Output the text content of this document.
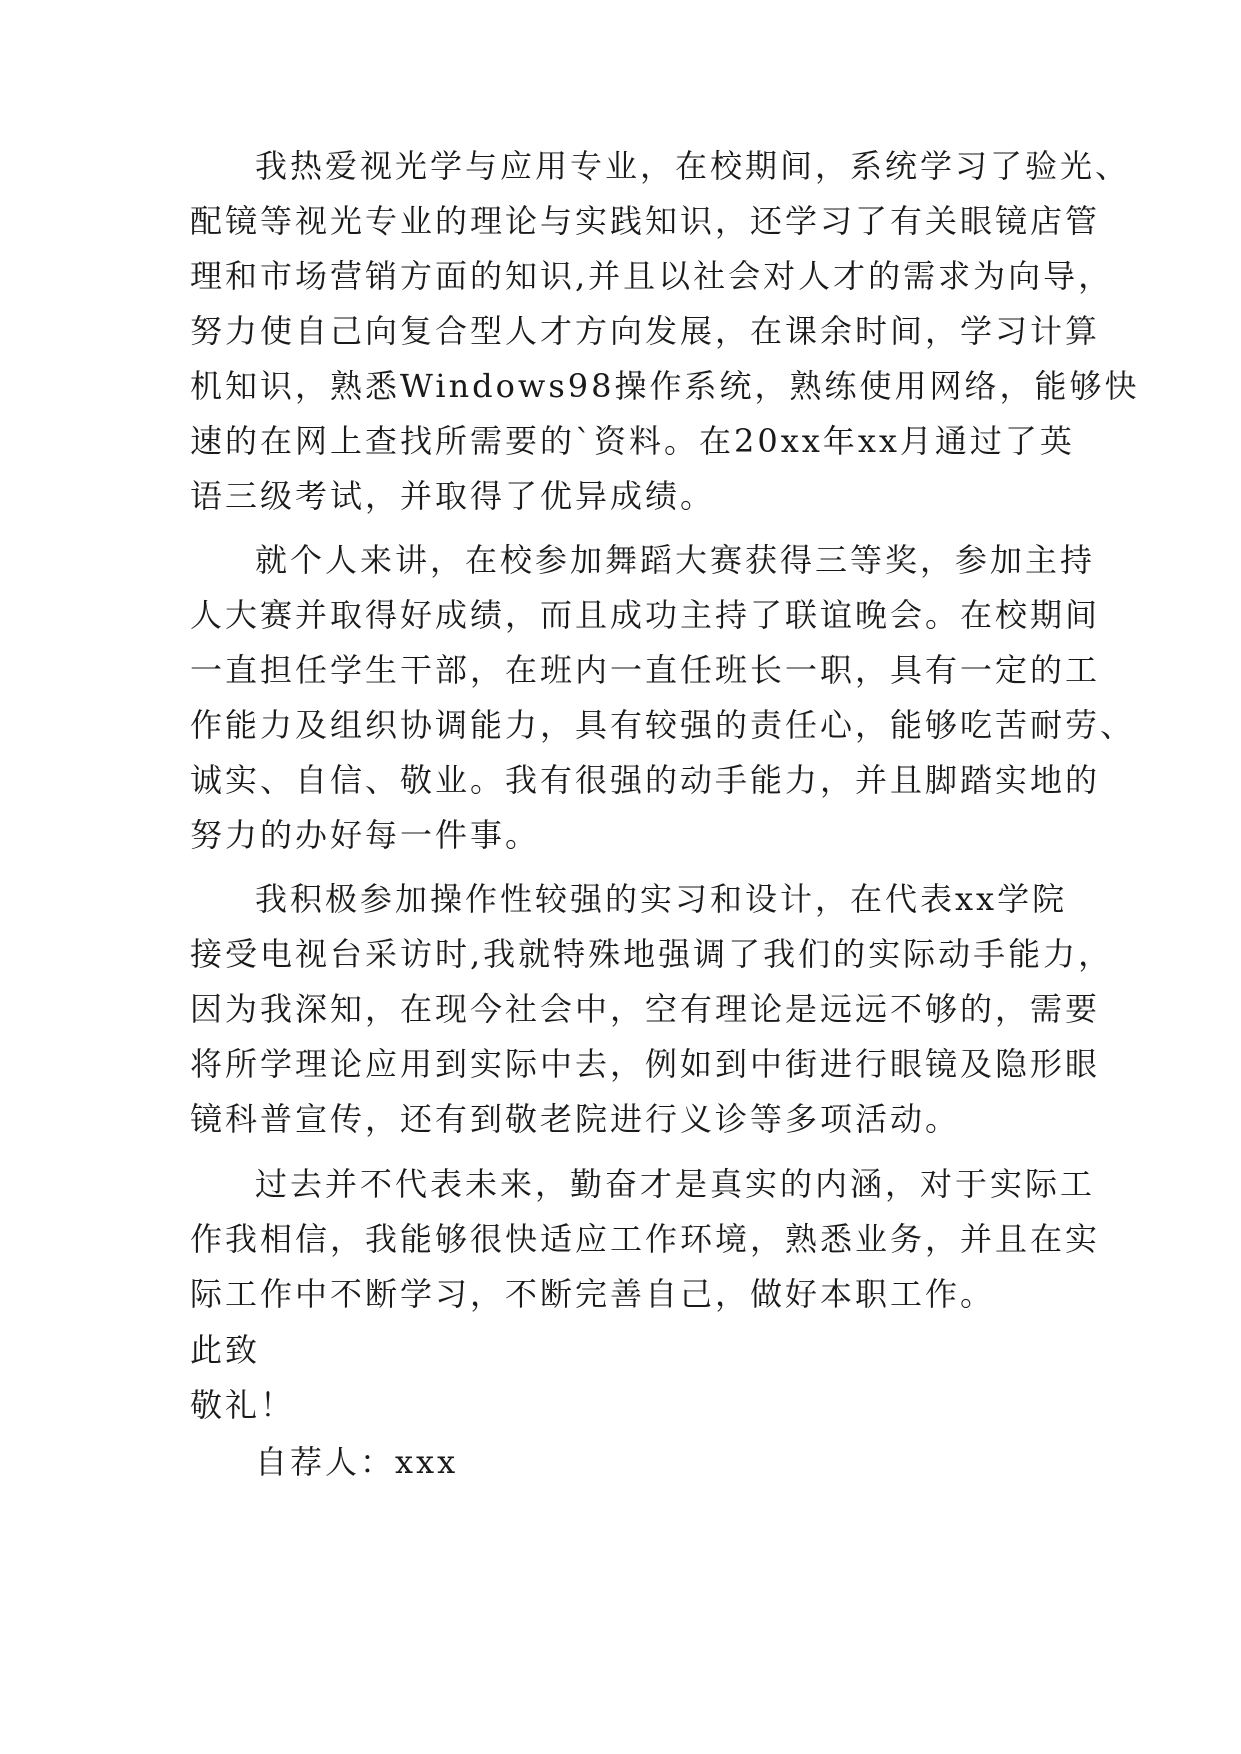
我热爱视光学与应用专业，在校期间，系统学习了验光、
配镜等视光专业的理论与实践知识，还学习了有关眼镜店管
理和市场营销方面的知识,并且以社会对人才的需求为向导，
努力使自己向复合型人才方向发展，在课余时间，学习计算
机知识，熟悉Windows98操作系统，熟练使用网络，能够快
速的在网上查找所需要的`资料。在20xx年xx月通过了英
语三级考试，并取得了优异成绩。
就个人来讲，在校参加舞蹈大赛获得三等奖，参加主持
人大赛并取得好成绩，而且成功主持了联谊晚会。在校期间
一直担任学生干部，在班内一直任班长一职，具有一定的工
作能力及组织协调能力，具有较强的责任心，能够吃苦耐劳、
诚实、自信、敬业。我有很强的动手能力，并且脚踏实地的
努力的办好每一件事。
我积极参加操作性较强的实习和设计，在代表xx学院
接受电视台采访时,我就特殊地强调了我们的实际动手能力，
因为我深知，在现今社会中，空有理论是远远不够的，需要
将所学理论应用到实际中去，例如到中街进行眼镜及隐形眼
镜科普宣传，还有到敬老院进行义诊等多项活动。
过去并不代表未来，勤奋才是真实的内涵，对于实际工
作我相信，我能够很快适应工作环境，熟悉业务，并且在实
际工作中不断学习，不断完善自己，做好本职工作。
此致
敬礼！
自荐人：xxx
